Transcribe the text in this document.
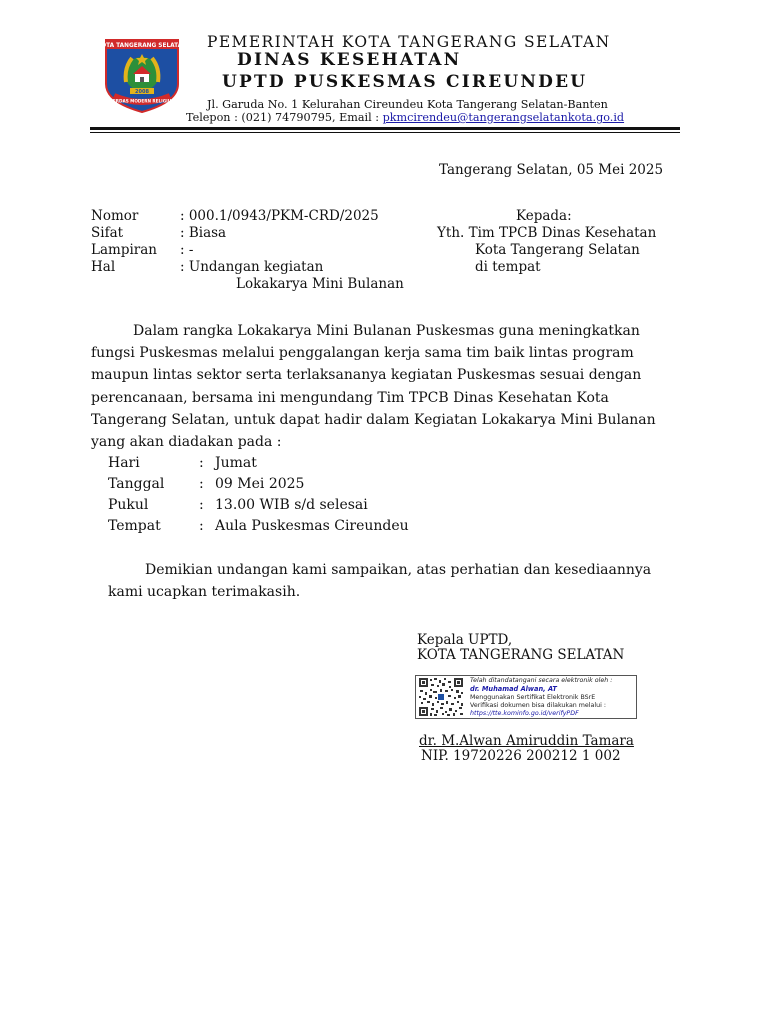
KOTA TANGERANG SELATAN
2008
CERDAS MODERN RELIGIUS
PEMERINTAH KOTA TANGERANG SELATAN
DINAS KESEHATAN
UPTD PUSKESMAS CIREUNDEU
Jl. Garuda No. 1 Kelurahan Cireundeu Kota Tangerang Selatan-Banten
Telepon : (021) 74790795, Email : pkmcirendeu@tangerangselatankota.go.id
Tangerang Selatan, 05 Mei 2025
Nomor	: 000.1/0943/PKM-CRD/2025
Sifat	: Biasa
Lampiran : -
Hal	: Undangan kegiatan
Lokakarya Mini Bulanan
Kepada:
Yth. Tim TPCB Dinas Kesehatan
Kota Tangerang Selatan
di tempat
Dalam rangka Lokakarya Mini Bulanan Puskesmas guna meningkatkan
fungsi Puskesmas melalui penggalangan kerja sama tim baik lintas program
maupun lintas sektor serta terlaksananya kegiatan Puskesmas sesuai dengan
perencanaan, bersama ini mengundang Tim TPCB Dinas Kesehatan Kota
Tangerang Selatan, untuk dapat hadir dalam Kegiatan Lokakarya Mini Bulanan
yang akan diadakan pada :
Hari	: Jumat
Tanggal : 09 Mei 2025
Pukul	: 13.00 WIB s/d selesai
Tempat	: Aula Puskesmas Cireundeu
Demikian undangan kami sampaikan, atas perhatian dan kesediaannya
kami ucapkan terimakasih.
Kepala UPTD,
KOTA TANGERANG SELATAN
Telah ditandatangani secara elektronik oleh :
dr. Muhamad Alwan, AT
Menggunakan Sertifikat Elektronik BSrE
Verifikasi dokumen bisa dilakukan melalui :
https://tte.kominfo.go.id/verifyPDF
dr. M.Alwan Amiruddin Tamara
NIP. 19720226 200212 1 002
